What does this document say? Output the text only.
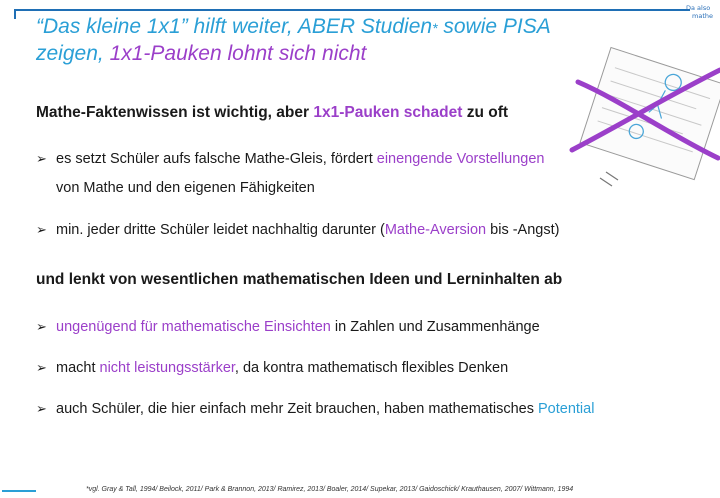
“Das kleine 1x1” hilft weiter, ABER Studien* sowie PISA
zeigen, 1x1-Pauken lohnt sich nicht
Da also
mathe
Mathe-Faktenwissen ist wichtig, aber 1x1-Pauken schadet zu oft
➢ es setzt Schüler aufs falsche Mathe-Gleis, fördert einengende Vorstellungen
von Mathe und den eigenen Fähigkeiten
➢ min. jeder dritte Schüler leidet nachhaltig darunter (Mathe-Aversion bis -Angst)
und lenkt von wesentlichen mathematischen Ideen und Lerninhalten ab
➢ ungenügend für mathematische Einsichten in Zahlen und Zusammenhänge
➢ macht nicht leistungsstärker, da kontra mathematisch flexibles Denken
➢ auch Schüler, die hier einfach mehr Zeit brauchen, haben mathematisches Potential
*vgl. Gray & Tall, 1994/ Beilock, 2011/ Park & Brannon, 2013/ Ramirez, 2013/ Boaler, 2014/ Supekar, 2013/ Gaidoschick/ Krauthausen, 2007/ Wittmann, 1994
